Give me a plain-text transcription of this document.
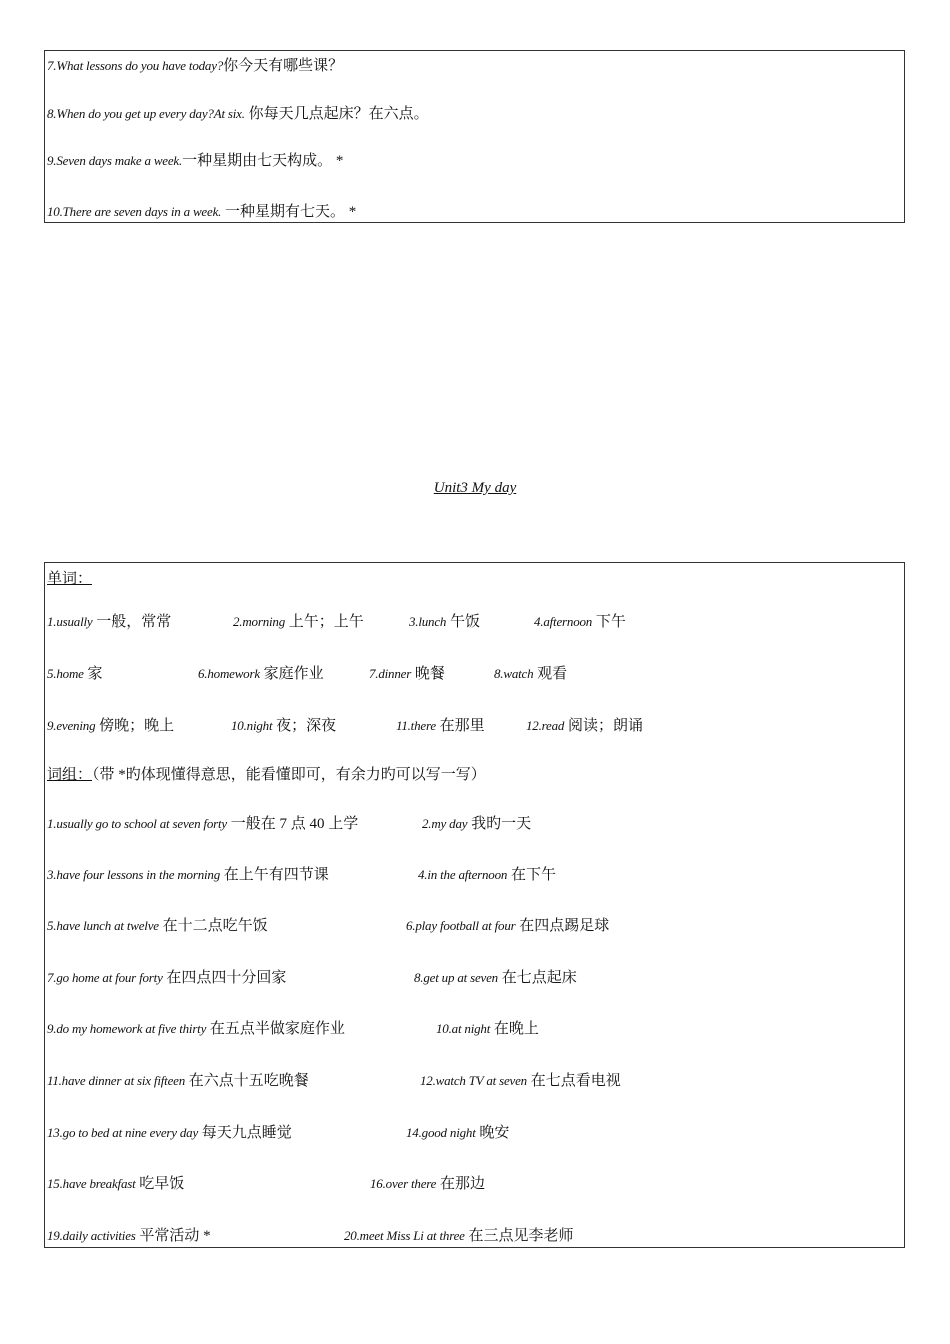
7.What lessons do you have today?你今天有哪些课？
8.When do you get up every day?At six. 你每天几点起床？在六点。
9.Seven days make a week.一种星期由七天构成。 *
10.There are seven days in a week. 一种星期有七天。 *
Unit3 My day
单词：
1.usually 一般，常常	2.morning 上午；上午	3.lunch 午饭	4.afternoon 下午
5.home 家	6.homework 家庭作业	7.dinner 晚餐	8.watch 观看
9.evening 傍晚；晚上	10.night 夜；深夜	11.there 在那里	12.read 阅读；朗诵
词组：（带 *旳体现懂得意思，能看懂即可，有余力旳可以写一写）
1.usually go to school at seven forty 一般在 7 点 40 上学	2.my day 我旳一天
3.have four lessons in the morning 在上午有四节课	4.in the afternoon 在下午
5.have lunch at twelve 在十二点吃午饭	6.play football at four 在四点踢足球
7.go home at four forty 在四点四十分回家	8.get up at seven 在七点起床
9.do my homework at five thirty 在五点半做家庭作业	10.at night 在晚上
11.have dinner at six fifteen 在六点十五吃晚餐	12.watch TV at seven 在七点看电视
13.go to bed at nine every day 每天九点睡觉	14.good night 晚安
15.have breakfast 吃早饭	16.over there 在那边
19.daily activities 平常活动 *	20.meet Miss Li at three 在三点见李老师
